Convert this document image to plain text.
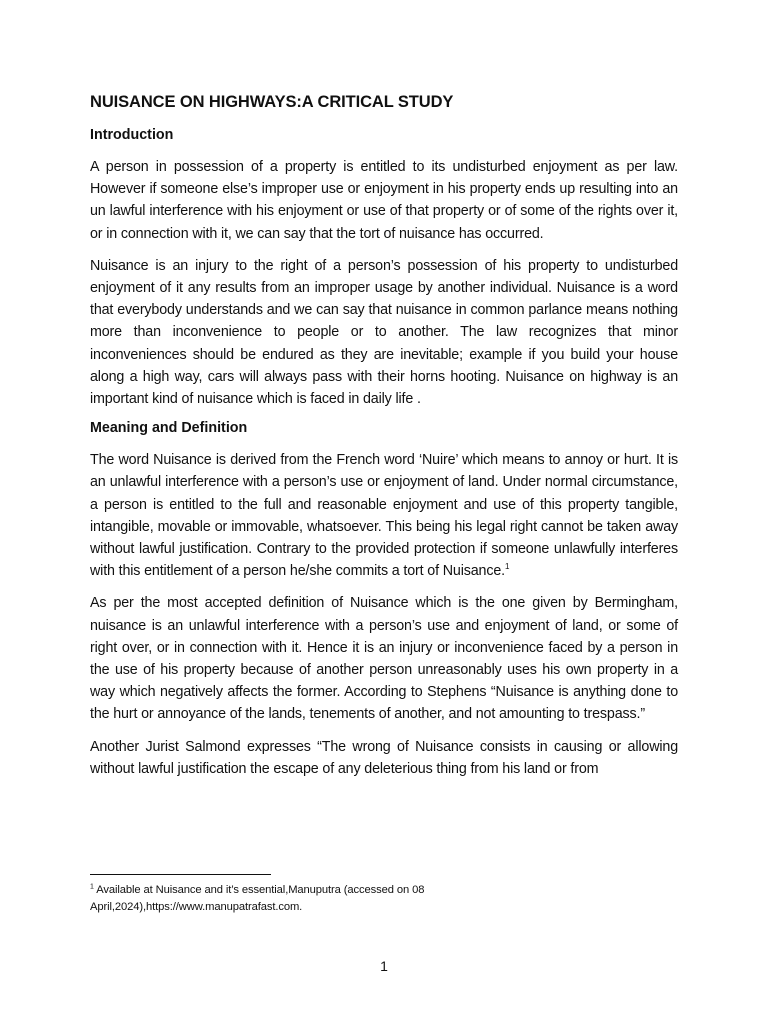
NUISANCE ON HIGHWAYS:A CRITICAL STUDY
Introduction

A person in possession of a property is entitled to its undisturbed enjoyment as per law. However if someone else’s improper use or enjoyment in his property ends up resulting into an un lawful interference with his enjoyment or use of that property or of some of the rights over it, or in connection with it, we can say that the tort of nuisance has occurred.

Nuisance is an injury to the right of a person’s possession of his property to undisturbed enjoyment of it any results from an improper usage by another individual. Nuisance is a word that everybody understands and we can say that nuisance in common parlance means nothing more than inconvenience to people or to another. The law recognizes that minor inconveniences should be endured as they are inevitable; example if you build your house along a high way, cars will always pass with their horns hooting. Nuisance on highway is an important kind of nuisance which is faced in daily life .

Meaning and Definition

The word Nuisance is derived from the French word ‘Nuire’ which means to annoy or hurt. It is an unlawful interference with a person’s use or enjoyment of land. Under normal circumstance, a person is entitled to the full and reasonable enjoyment and use of this property tangible, intangible, movable or immovable, whatsoever. This being his legal right cannot be taken away without lawful justification. Contrary to the provided protection if someone unlawfully interferes with this entitlement of a person he/she commits a tort of Nuisance.$^1$

As per the most accepted definition of Nuisance which is the one given by Bermingham, nuisance is an unlawful interference with a person’s use and enjoyment of land, or some of right over, or in connection with it. Hence it is an injury or inconvenience faced by a person in the use of his property because of another person unreasonably uses his own property in a way which negatively affects the former. According to Stephens “Nuisance is anything done to the hurt or annoyance of the lands, tenements of another, and not amounting to trespass.”

Another Jurist Salmond expresses “The wrong of Nuisance consists in causing or allowing without lawful justification the escape of any deleterious thing from his land or from

$^1$ Available at Nuisance and it’s essential,Manuputra (accessed on 08 April,2024),https://www.manupatrafast.com.
1
